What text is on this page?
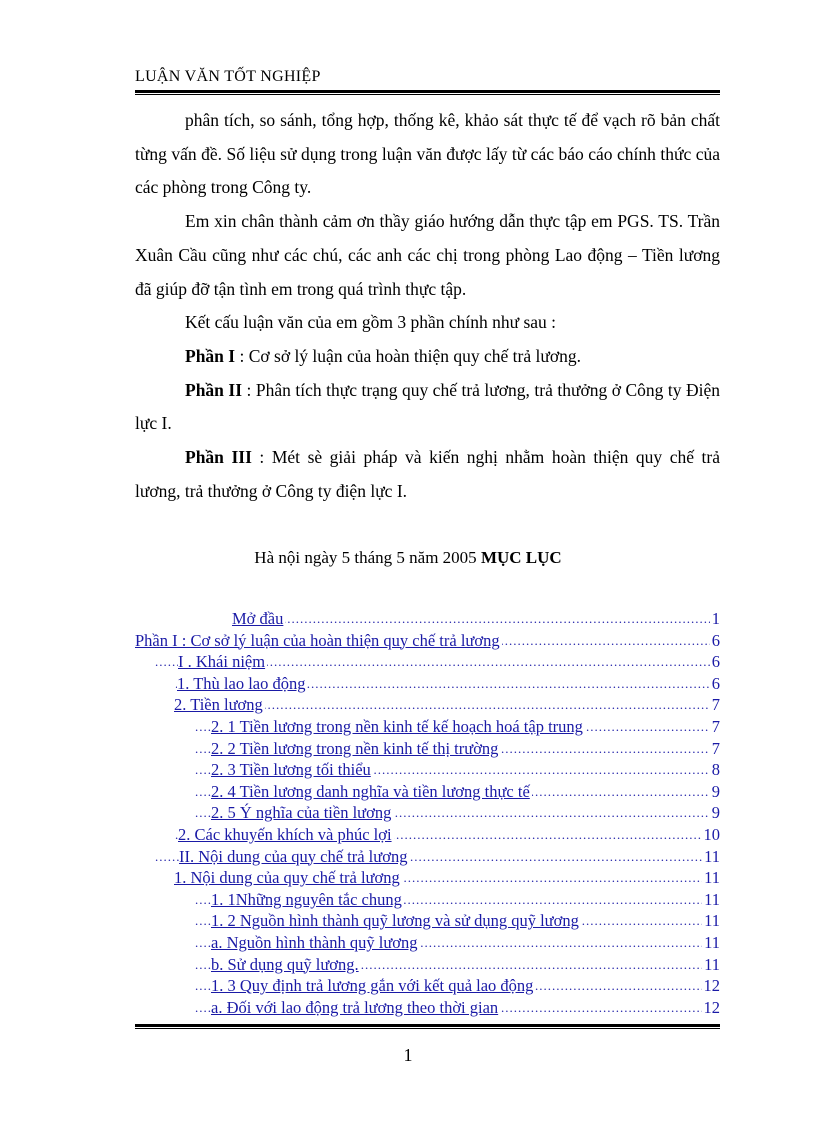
LUẬN VĂN TỐT NGHIỆP

phân tích, so sánh, tổng hợp, thống kê, khảo sát thực tế để vạch rõ bản chất từng vấn đề. Số liệu sử dụng trong luận văn được lấy từ các báo cáo chính thức của các phòng trong Công ty.

Em xin chân thành cảm ơn thầy giáo hướng dẫn thực tập em PGS. TS. Trần Xuân Cầu cũng như các chú, các anh các chị trong phòng Lao động – Tiền lương đã giúp đỡ tận tình em trong quá trình thực tập.

Kết cấu luận văn của em gồm 3 phần chính như sau :

Phần I : Cơ sở lý luận của hoàn thiện quy chế trả lương.

Phần II : Phân tích thực trạng quy chế trả lương, trả thưởng ở Công ty Điện lực I.

Phần III : Mét sè giải pháp và kiến nghị nhằm hoàn thiện quy chế trả lương, trả thưởng ở Công ty điện lực I.

Hà nội ngày 5 tháng 5 năm 2005 MỤC LỤC
.....
Mở đầu	1
.....
Phần I : Cơ sở lý luận của hoàn thiện quy chế trả lương	6
.....
I . Khái niệm	6
.....
1. Thù lao lao động	6
.....
2. Tiền lương	7
.....
2. 1 Tiền lương trong nền kinh tế kế hoạch hoá tập trung	7
.....
2. 2 Tiền lương trong nền kinh tế thị trường	7
.....
2. 3 Tiền lương tối thiểu	8
.....
2. 4 Tiền lương danh nghĩa và tiền lương thực tế	9
.....
2. 5 Ý nghĩa của tiền lương	9
.....
2. Các khuyến khích và phúc lợi	10
.....
II. Nội dung của quy chế trả lương	11
.....
1. Nội dung của quy chế trả lương	11
.....
1. 1Những nguyên tắc chung	11
.....
1. 2 Nguồn hình thành quỹ lương và sử dụng quỹ lương	11
.....
a. Nguồn hình thành quỹ lương	11
.....
b. Sử dụng quỹ lương.	11
.....
1. 3 Quy định trả lương gắn với kết quả lao động	12
.....
a. Đối với lao động trả lương theo thời gian	12
1
